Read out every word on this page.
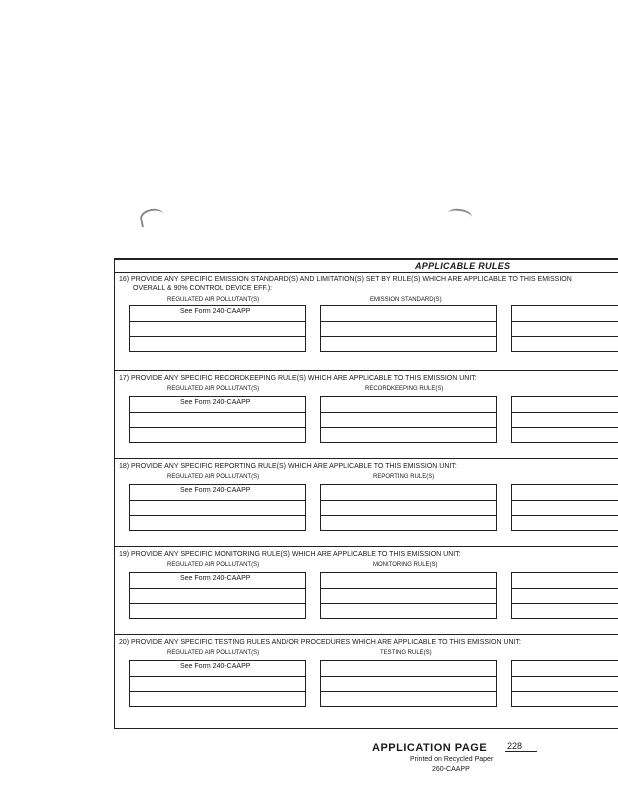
APPLICABLE RULES
16) PROVIDE ANY SPECIFIC EMISSION STANDARD(S) AND LIMITATION(S) SET BY RULE(S) WHICH ARE APPLICABLE TO THIS EMISSION
OVERALL & 90% CONTROL DEVICE EFF.):
REGULATED AIR POLLUTANT(S)	EMISSION STANDARD(S)
See Form 240-CAAPP
17) PROVIDE ANY SPECIFIC RECORDKEEPING RULE(S) WHICH ARE APPLICABLE TO THIS EMISSION UNIT:
REGULATED AIR POLLUTANT(S)	RECORDKEEPING RULE(S)
See Form 240-CAAPP
18) PROVIDE ANY SPECIFIC REPORTING RULE(S) WHICH ARE APPLICABLE TO THIS EMISSION UNIT:
REGULATED AIR POLLUTANT(S)	REPORTING RULE(S)
See Form 240-CAAPP
19) PROVIDE ANY SPECIFIC MONITORING RULE(S) WHICH ARE APPLICABLE TO THIS EMISSION UNIT:
REGULATED AIR POLLUTANT(S)	MONITORING RULE(S)
See Form 240-CAAPP
20) PROVIDE ANY SPECIFIC TESTING RULES AND/OR PROCEDURES WHICH ARE APPLICABLE TO THIS EMISSION UNIT:
REGULATED AIR POLLUTANT(S)	TESTING RULE(S)
See Form 240-CAAPP
APPLICATION PAGE 228
Printed on Recycled Paper
260-CAAPP
